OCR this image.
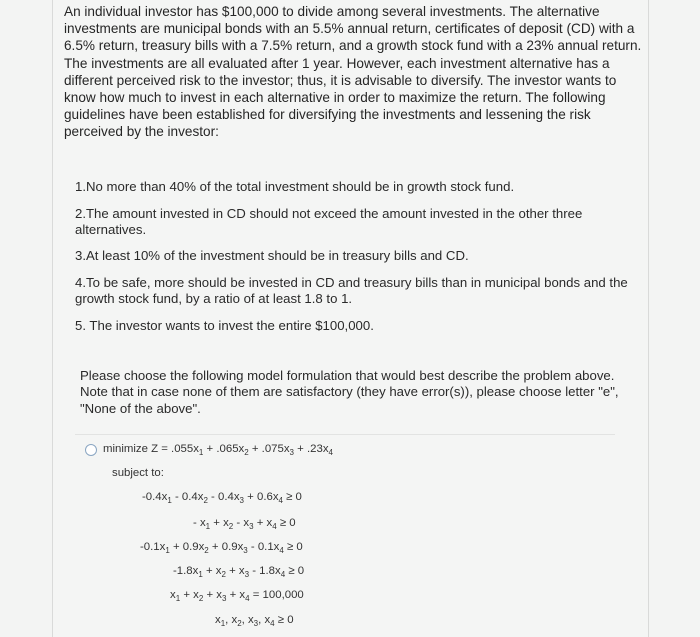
An individual investor has $100,000 to divide among several investments. The alternative investments are municipal bonds with an 5.5% annual return, certificates of deposit (CD) with a 6.5% return, treasury bills with a 7.5% return, and a growth stock fund with a 23% annual return. The investments are all evaluated after 1 year. However, each investment alternative has a different perceived risk to the investor; thus, it is advisable to diversify. The investor wants to know how much to invest in each alternative in order to maximize the return. The following guidelines have been established for diversifying the investments and lessening the risk perceived by the investor:

1.No more than 40% of the total investment should be in growth stock fund.

2.The amount invested in CD should not exceed the amount invested in the other three alternatives.

3.At least 10% of the investment should be in treasury bills and CD.

4.To be safe, more should be invested in CD and treasury bills than in municipal bonds and the growth stock fund, by a ratio of at least 1.8 to 1.

5. The investor wants to invest the entire $100,000.

Please choose the following model formulation that would best describe the problem above. Note that in case none of them are satisfactory (they have error(s)), please choose letter "e", "None of the above".

minimize $Z = .055x_1 + .065x_2 + .075x_3 + .23x_4$
subject to:
$-0.4x_1 - 0.4x_2 - 0.4x_3 + 0.6x_4 \ge 0$
- $x_1 + x_2 - x_3 + x_4 \ge 0$
$-0.1x_1 + 0.9x_2 + 0.9x_3 - 0.1x_4 \ge 0$
$-1.8x_1 + x_2 + x_3 - 1.8x_4 \ge 0$
$x_1 + x_2 + x_3 + x_4 = 100,000$
$x_1$, $x_2$, $x_3$, $x_4 \ge 0$
